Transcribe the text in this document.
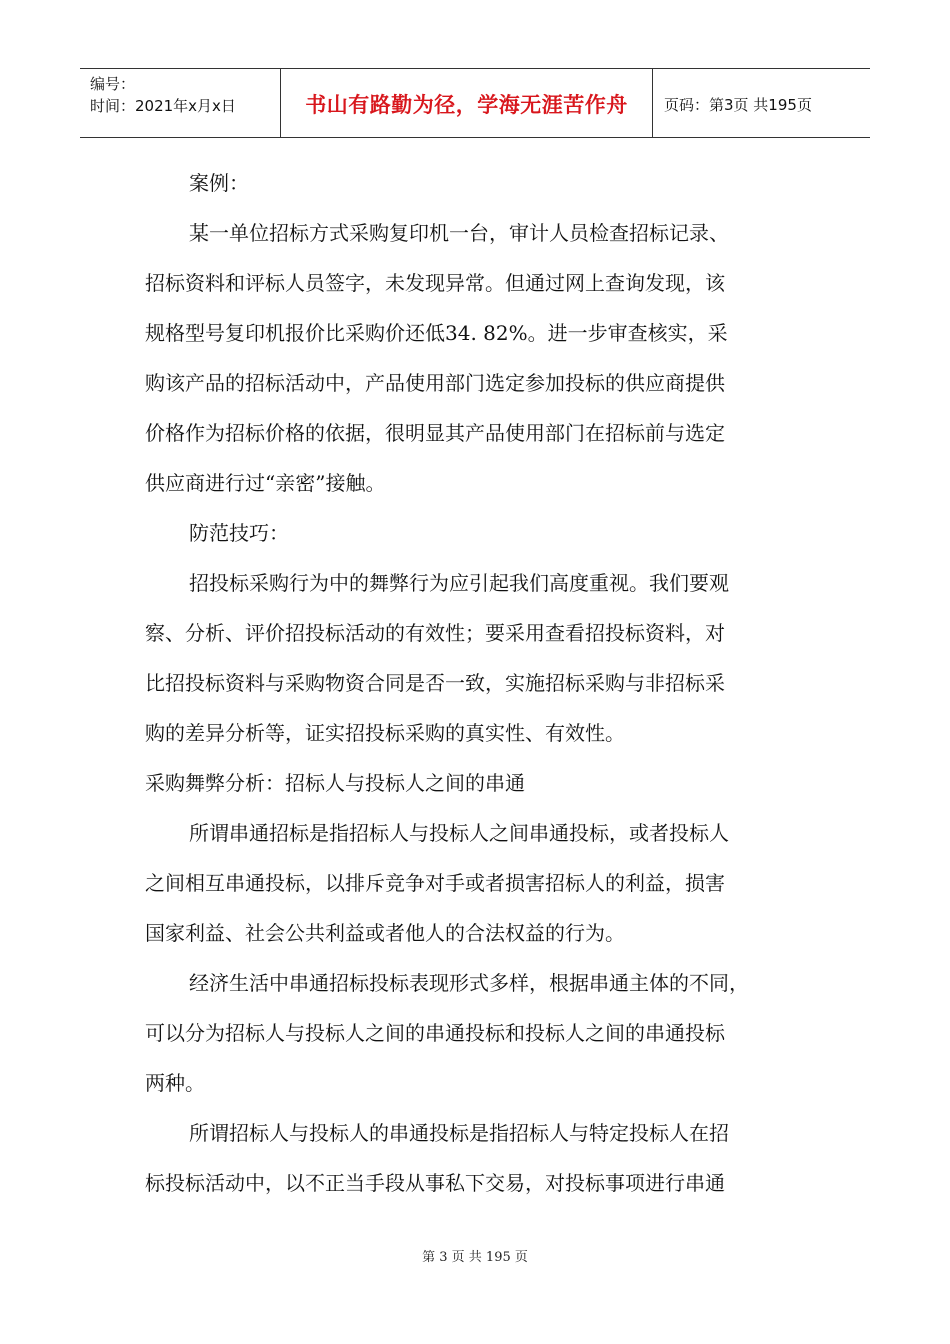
编号：
时间：2021年x月x日	书山有路勤为径，学海无涯苦作舟 页码：第3页 共195页
案例：
某一单位招标方式采购复印机一台，审计人员检查招标记录、
招标资料和评标人员签字，未发现异常。但通过网上查询发现，该
规格型号复印机报价比采购价还低34. 82%。进一步审查核实，采
购该产品的招标活动中，产品使用部门选定参加投标的供应商提供
价格作为招标价格的依据，很明显其产品使用部门在招标前与选定
供应商进行过“亲密”接触。
防范技巧：
招投标采购行为中的舞弊行为应引起我们高度重视。我们要观
察、分析、评价招投标活动的有效性；要采用查看招投标资料，对
比招投标资料与采购物资合同是否一致，实施招标采购与非招标采
购的差异分析等，证实招投标采购的真实性、有效性。
采购舞弊分析：招标人与投标人之间的串通
所谓串通招标是指招标人与投标人之间串通投标，或者投标人
之间相互串通投标，以排斥竞争对手或者损害招标人的利益，损害
国家利益、社会公共利益或者他人的合法权益的行为。
经济生活中串通招标投标表现形式多样，根据串通主体的不同，
可以分为招标人与投标人之间的串通投标和投标人之间的串通投标
两种。
所谓招标人与投标人的串通投标是指招标人与特定投标人在招
标投标活动中，以不正当手段从事私下交易，对投标事项进行串通
第 3 页 共 195 页
